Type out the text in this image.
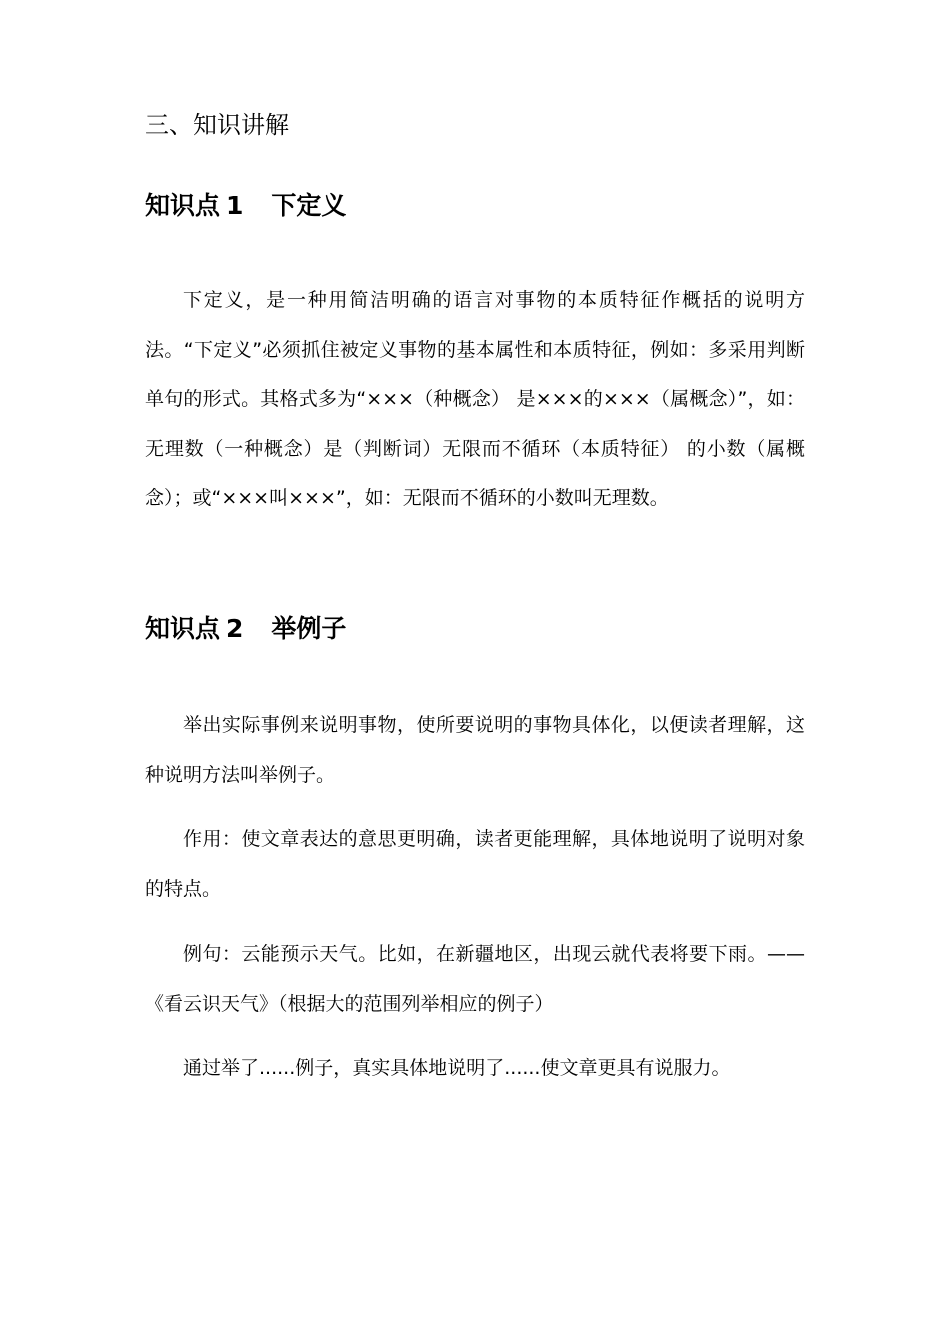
三、知识讲解
知识点 1 下定义
下定义，是一种用简洁明确的语言对事物的本质特征作概括的说明方法。“下定义”必须抓住被定义事物的基本属性和本质特征，例如：多采用判断单句的形式。其格式多为“×××（种概念） 是×××的×××（属概念）”，如：无理数（一种概念）是（判断词）无限而不循环（本质特征） 的小数（属概念）；或“×××叫×××”，如：无限而不循环的小数叫无理数。
知识点 2 举例子
举出实际事例来说明事物，使所要说明的事物具体化，以便读者理解，这种说明方法叫举例子。
作用：使文章表达的意思更明确，读者更能理解，具体地说明了说明对象的特点。
例句：云能预示天气。比如，在新疆地区，出现云就代表将要下雨。——《看云识天气》（根据大的范围列举相应的例子）
通过举了......例子，真实具体地说明了......使文章更具有说服力。
